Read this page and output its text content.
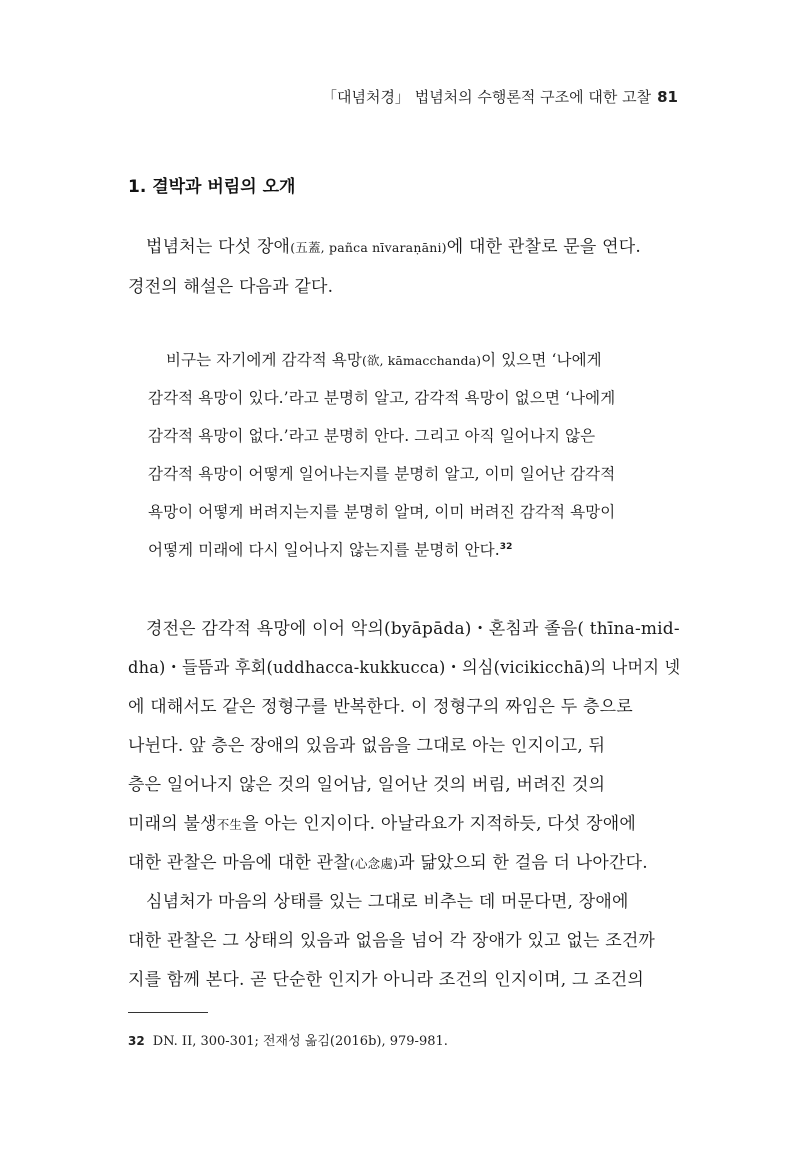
「대념처경」 법념처의 수행론적 구조에 대한 고찰 81
1. 결박과 버림의 오개
법념처는 다섯 장애(五蓋, pañca nīvaraṇāni)에 대한 관찰로 문을 연다.
경전의 해설은 다음과 같다.
비구는 자기에게 감각적 욕망(欲, kāmacchanda)이 있으면 ‘나에게
감각적 욕망이 있다.’라고 분명히 알고, 감각적 욕망이 없으면 ‘나에게
감각적 욕망이 없다.’라고 분명히 안다. 그리고 아직 일어나지 않은
감각적 욕망이 어떻게 일어나는지를 분명히 알고, 이미 일어난 감각적
욕망이 어떻게 버려지는지를 분명히 알며, 이미 버려진 감각적 욕망이
어떻게 미래에 다시 일어나지 않는지를 분명히 안다.$^{32}$
경전은 감각적 욕망에 이어 악의(byāpāda)・혼침과 졸음( thīna-mid-
dha)・들뜸과 후회(uddhacca-kukkucca)・의심(vicikicchā)의 나머지 넷
에 대해서도 같은 정형구를 반복한다. 이 정형구의 짜임은 두 층으로
나뉜다. 앞 층은 장애의 있음과 없음을 그대로 아는 인지이고, 뒤
층은 일어나지 않은 것의 일어남, 일어난 것의 버림, 버려진 것의
미래의 불생不生을 아는 인지이다. 아날라요가 지적하듯, 다섯 장애에
대한 관찰은 마음에 대한 관찰(心念處)과 닮았으되 한 걸음 더 나아간다.
심념처가 마음의 상태를 있는 그대로 비추는 데 머문다면, 장애에
대한 관찰은 그 상태의 있음과 없음을 넘어 각 장애가 있고 없는 조건까
지를 함께 본다. 곧 단순한 인지가 아니라 조건의 인지이며, 그 조건의
32 DN. II, 300-301; 전재성 옮김(2016b), 979-981.
